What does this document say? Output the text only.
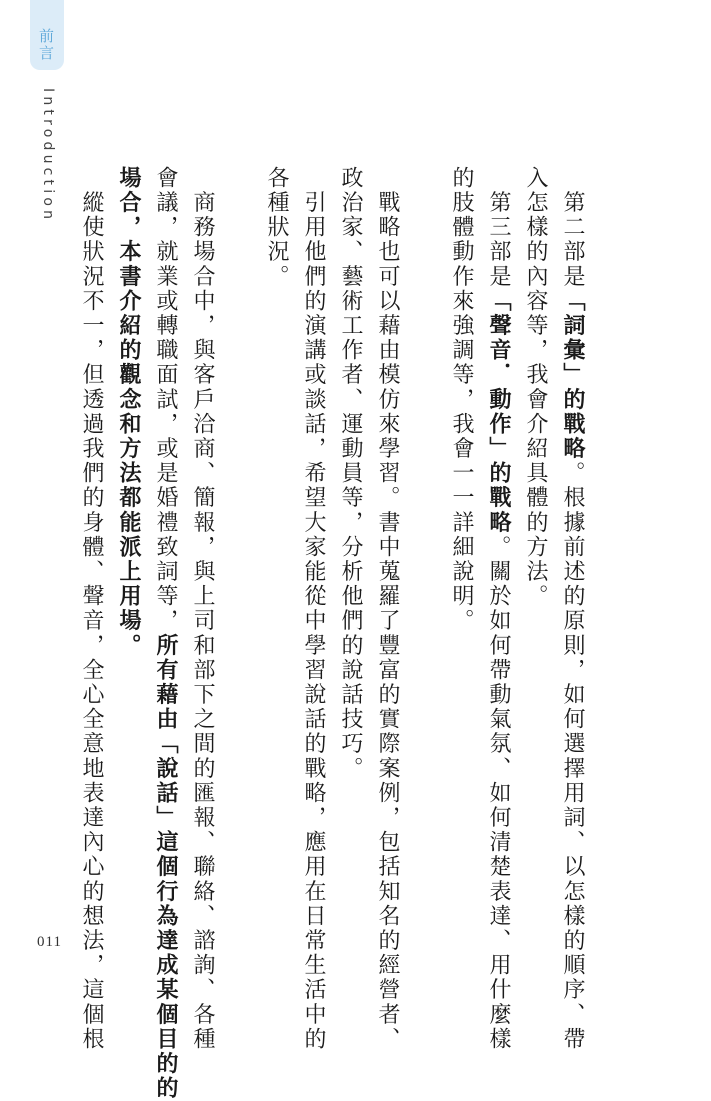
前言
Introduction
011

　第二部是「詞彙」的戰略。根據前述的原則，如何選擇用詞、以怎樣的順序、帶

入怎樣的內容等，我會介紹具體的方法。

　第三部是「聲音．動作」的戰略。關於如何帶動氣氛、如何清楚表達、用什麼樣

的肢體動作來強調等，我會一一詳細說明。

　戰略也可以藉由模仿來學習。書中蒐羅了豐富的實際案例，包括知名的經營者、

政治家、藝術工作者、運動員等，分析他們的說話技巧。

　引用他們的演講或談話，希望大家能從中學習說話的戰略，應用在日常生活中的

各種狀況。

　商務場合中，與客戶洽商、簡報，與上司和部下之間的匯報、聯絡、諮詢、各種

會議，就業或轉職面試，或是婚禮致詞等，所有藉由「說話」這個行為達成某個目的的

場合，本書介紹的觀念和方法都能派上用場。

　縱使狀況不一，但透過我們的身體、聲音，全心全意地表達內心的想法，這個根
